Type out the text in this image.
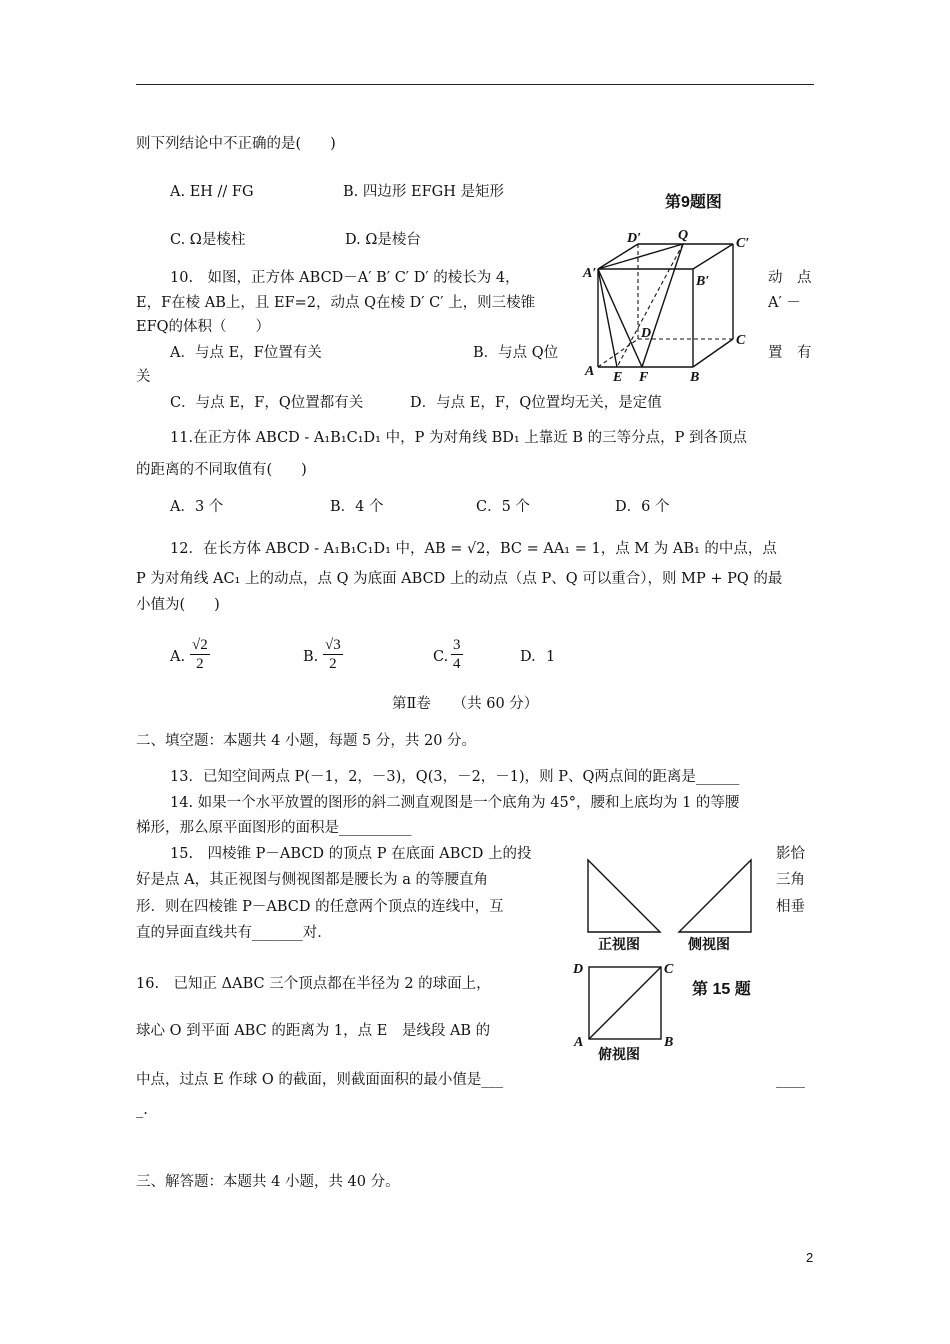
则下列结论中不正确的是(　　)
A. EH // FG	B. 四边形 EFGH 是矩形
第9题图
C. Ω是棱柱	D. Ω是棱台	D′	Q
C′
A′
B′
D	C
A E F	B
10.　如图，正方体 ABCD－A′ B′ C′ D′ 的棱长为 4，	动　点
E，F在棱 AB上，且 EF=2，动点 Q在棱 D′ C′ 上，则三棱锥	A′ －
EFQ的体积（　　）
A．与点 E，F位置有关	B．与点 Q位	置　有
关
C．与点 E，F，Q位置都有关	D．与点 E，F，Q位置均无关，是定值
11.在正方体 ABCD - A₁B₁C₁D₁ 中，P 为对角线 BD₁ 上靠近 B 的三等分点，P 到各顶点
的距离的不同取值有(　　)
A．3 个	B．4 个	C．5 个	D．6 个
12．在长方体 ABCD - A₁B₁C₁D₁ 中，AB = √2，BC = AA₁ = 1，点 M 为 AB₁ 的中点，点
P 为对角线 AC₁ 上的动点，点 Q 为底面 ABCD 上的动点（点 P、Q 可以重合），则 MP + PQ 的最
小值为(　　)
A. $\frac{√2}{2}$	B. $\frac{√3}{2}$	C. $\frac{3}{4}$	D. 1
第Ⅱ卷　　（共 60 分）
二、填空题：本题共 4 小题，每题 5 分，共 20 分。
13．已知空间两点 P(－1，2，－3)，Q(3，－2，－1)，则 P、Q两点间的距离是______
14. 如果一个水平放置的图形的斜二测直观图是一个底角为 45°，腰和上底均为 1 的等腰
梯形，那么原平面图形的面积是__________
15.　四棱锥 P－ABCD 的顶点 P 在底面 ABCD 上的投	影恰
好是点 A，其正视图与侧视图都是腰长为 a 的等腰直角	三角
形．则在四棱锥 P－ABCD 的任意两个顶点的连线中，互	相垂
直的异面直线共有_______对．
正视图	侧视图
D	C
A	B
俯视图
第 15 题
16.　已知正 ΔABC 三个顶点都在半径为 2 的球面上，
球心 O 到平面 ABC 的距离为 1，点 E　是线段 AB 的
中点，过点 E 作球 O 的截面，则截面面积的最小值是___	____
_.
三、解答题：本题共 4 小题，共 40 分。
2
